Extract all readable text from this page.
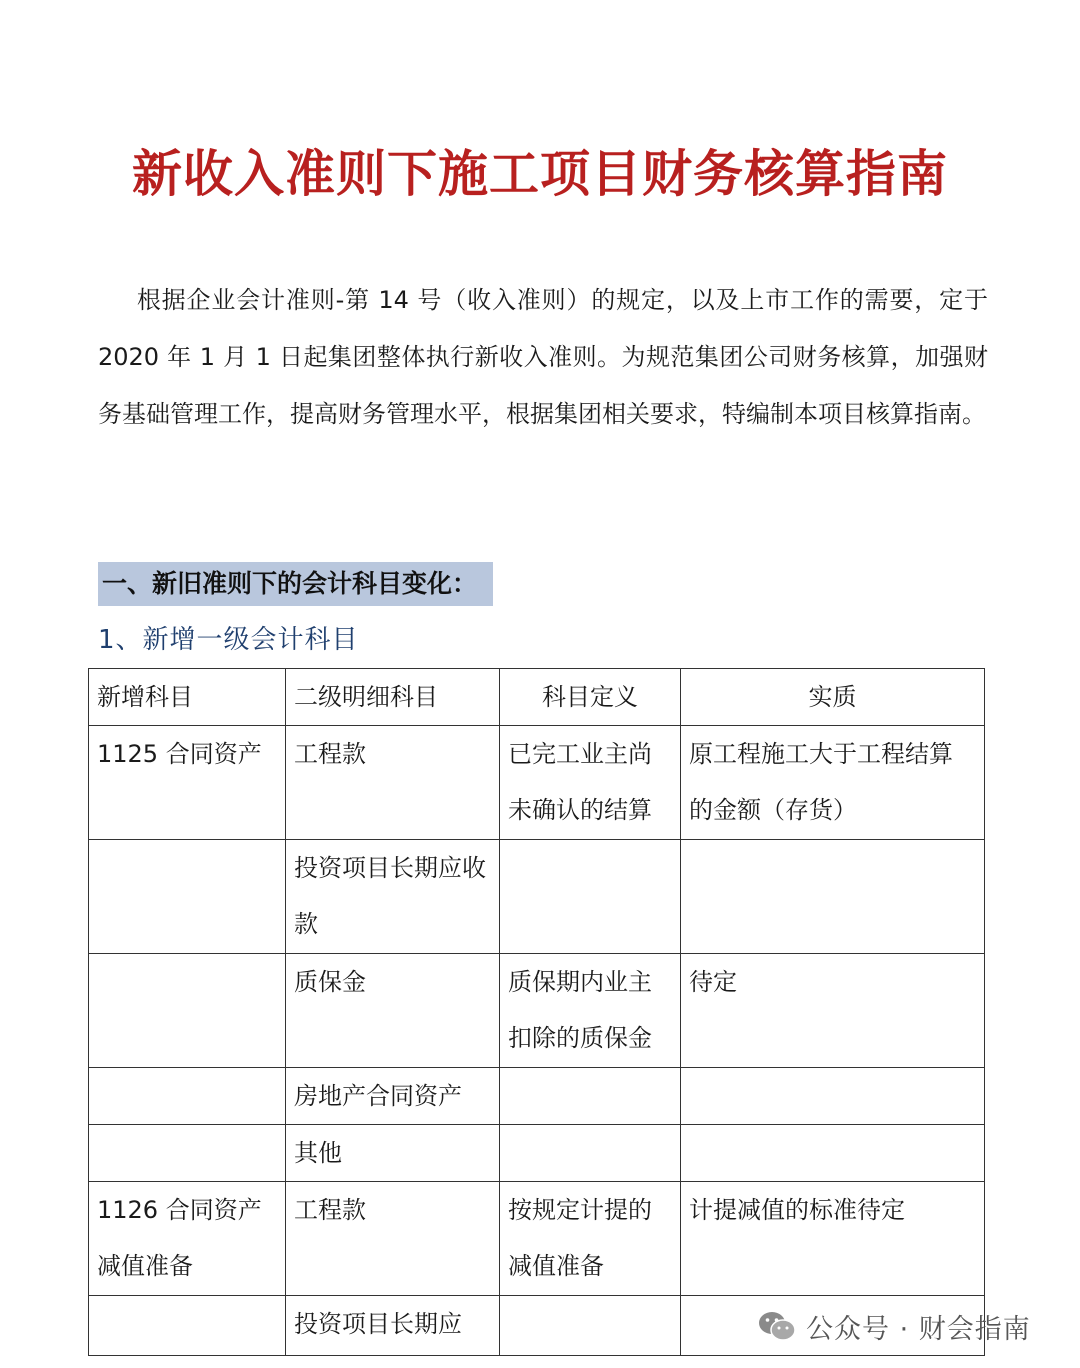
新收入准则下施工项目财务核算指南

根据企业会计准则-第 14 号（收入准则）的规定，以及上市工作的需要，定于 2020 年 1 月 1 日起集团整体执行新收入准则。为规范集团公司财务核算，加强财务基础管理工作，提高财务管理水平，根据集团相关要求，特编制本项目核算指南。

一、新旧准则下的会计科目变化：
1、新增一级会计科目
新增科目	二级明细科目	科目定义	实质
1125 合同资产	工程款	已完工业主尚未确认的结算	原工程施工大于工程结算的金额（存货）
	投资项目长期应收款		
	质保金	质保期内业主扣除的质保金	待定
	房地产合同资产		
	其他		
1126 合同资产减值准备	工程款	按规定计提的减值准备	计提减值的标准待定
	投资项目长期应			公众号 · 财会指南
